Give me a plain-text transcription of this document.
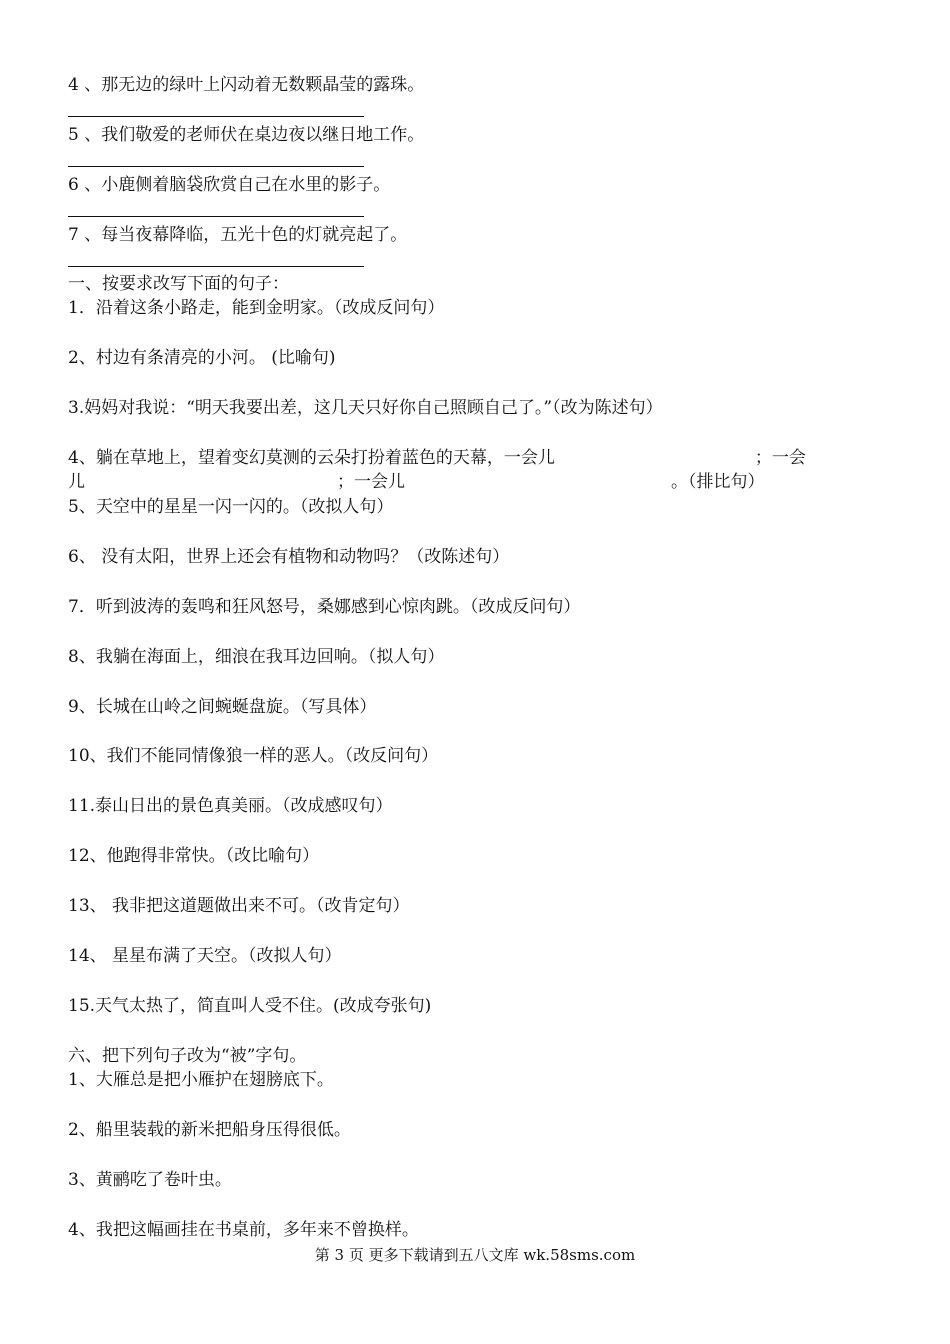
4 、那无边的绿叶上闪动着无数颗晶莹的露珠。
5 、我们敬爱的老师伏在桌边夜以继日地工作。
6 、小鹿侧着脑袋欣赏自己在水里的影子。
7 、每当夜幕降临，五光十色的灯就亮起了。
一、按要求改写下面的句子：
1．沿着这条小路走，能到金明家。（改成反问句）
2、村边有条清亮的小河。 (比喻句)
3.妈妈对我说：“明天我要出差，这几天只好你自己照顾自己了。”（改为陈述句）
4、躺在草地上，望着变幻莫测的云朵打扮着蓝色的天幕，一会儿	；一会
儿	；一会儿	。（排比句）
5、天空中的星星一闪一闪的。（改拟人句）
6、 没有太阳，世界上还会有植物和动物吗？（改陈述句）
7．听到波涛的轰鸣和狂风怒号，桑娜感到心惊肉跳。（改成反问句）
8、我躺在海面上，细浪在我耳边回响。（拟人句）
9、长城在山岭之间蜿蜒盘旋。（写具体）
10、我们不能同情像狼一样的恶人。（改反问句）
11.泰山日出的景色真美丽。（改成感叹句）
12、他跑得非常快。（改比喻句）
13、 我非把这道题做出来不可。（改肯定句）
14、 星星布满了天空。（改拟人句）
15.天气太热了，简直叫人受不住。(改成夸张句)
六、把下列句子改为“被”字句。
1、大雁总是把小雁护在翅膀底下。
2、船里装载的新米把船身压得很低。
3、黄鹂吃了卷叶虫。
4、我把这幅画挂在书桌前，多年来不曾换样。
第 3 页 更多下载请到五八文库 wk.58sms.com
